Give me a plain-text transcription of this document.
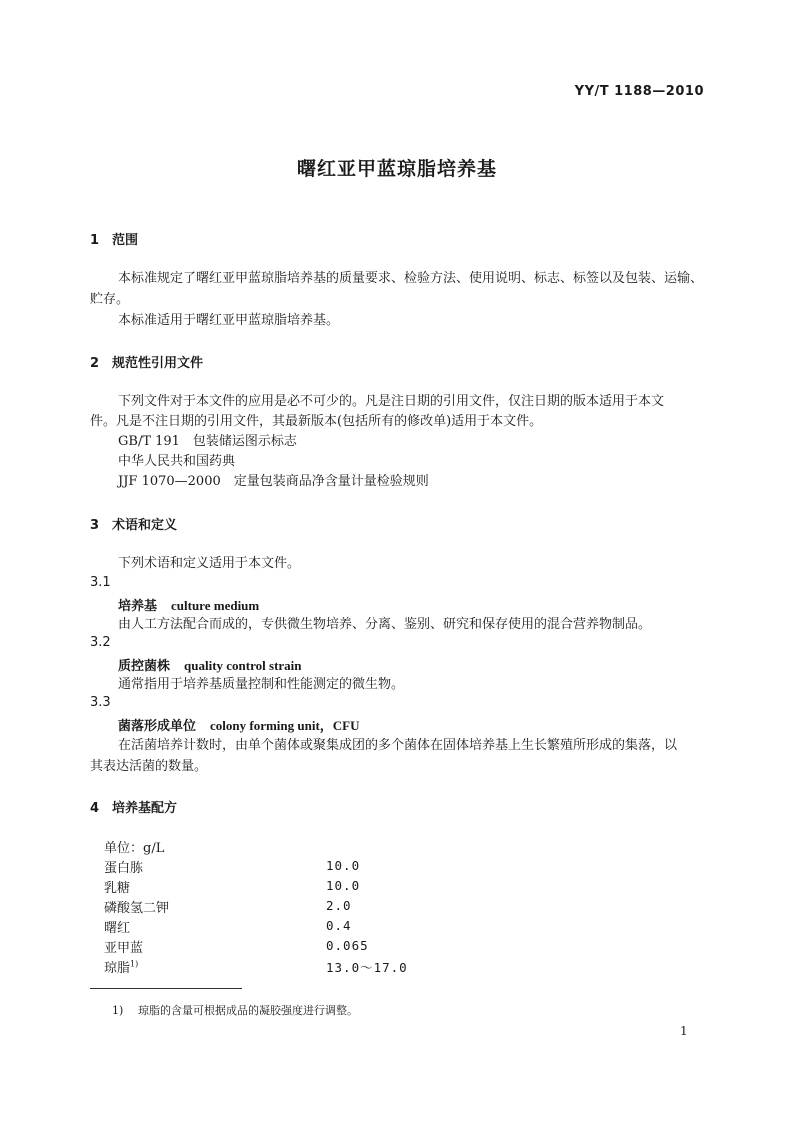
YY/T 1188—2010
曙红亚甲蓝琼脂培养基
1 范围
本标准规定了曙红亚甲蓝琼脂培养基的质量要求、检验方法、使用说明、标志、标签以及包装、运输、
贮存。
本标准适用于曙红亚甲蓝琼脂培养基。
2 规范性引用文件
下列文件对于本文件的应用是必不可少的。凡是注日期的引用文件，仅注日期的版本适用于本文
件。凡是不注日期的引用文件，其最新版本(包括所有的修改单)适用于本文件。
GB/T 191　包装储运图示标志
中华人民共和国药典
JJF 1070—2000　定量包装商品净含量计量检验规则
3 术语和定义
下列术语和定义适用于本文件。
3.1
培养基 culture medium
由人工方法配合而成的，专供微生物培养、分离、鉴别、研究和保存使用的混合营养物制品。
3.2
质控菌株 quality control strain
通常指用于培养基质量控制和性能测定的微生物。
3.3
菌落形成单位 colony forming unit，CFU
在活菌培养计数时，由单个菌体或聚集成团的多个菌体在固体培养基上生长繁殖所形成的集落，以
其表达活菌的数量。
4 培养基配方
单位：g/L
蛋白胨	10.0
乳糖	10.0
磷酸氢二钾	2.0
曙红	0.4
亚甲蓝	0.065
琼脂$^{1)}$	13.0～17.0
1) 琼脂的含量可根据成品的凝胶强度进行调整。
1
